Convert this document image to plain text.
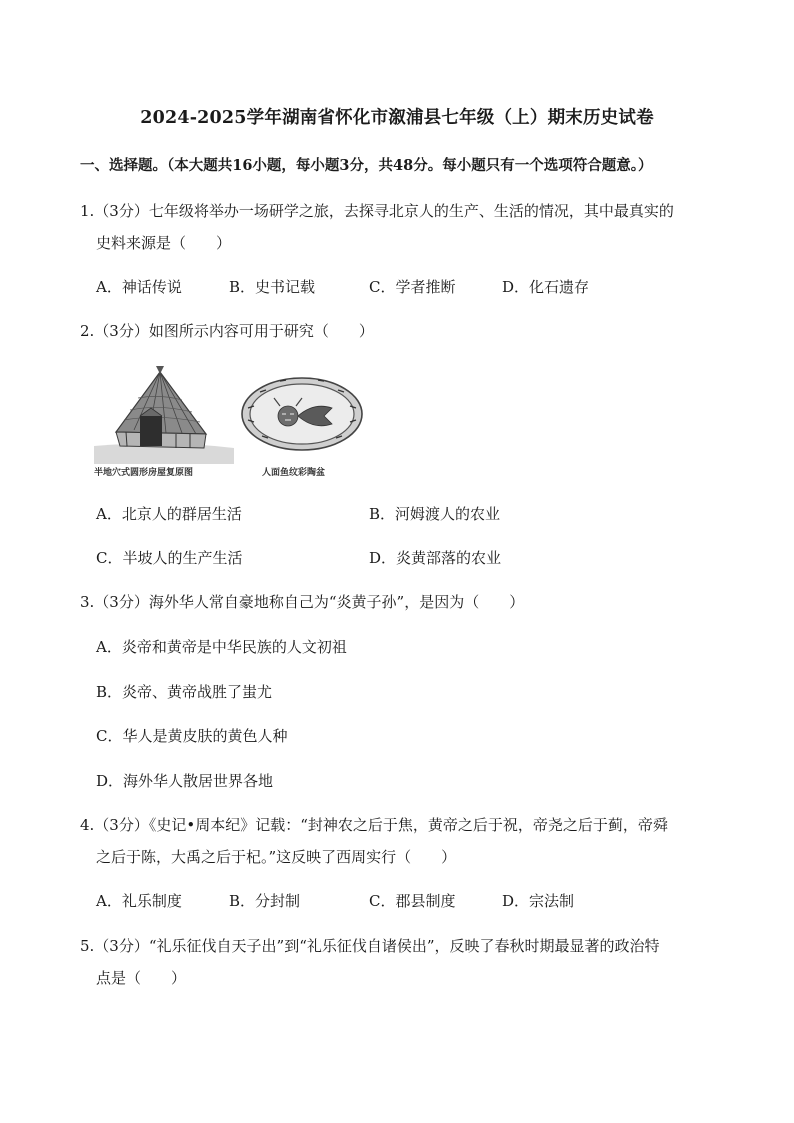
2024-2025学年湖南省怀化市溆浦县七年级（上）期末历史试卷
一、选择题。（本大题共16小题，每小题3分，共48分。每小题只有一个选项符合题意。）
1.（3分）七年级将举办一场研学之旅，去探寻北京人的生产、生活的情况，其中最真实的
史料来源是（　　）
A．神话传说	B．史书记载	C．学者推断	D．化石遗存
2.（3分）如图所示内容可用于研究（　　）
半地穴式圆形房屋复原图	人面鱼纹彩陶盆
A．北京人的群居生活	B．河姆渡人的农业
C．半坡人的生产生活	D．炎黄部落的农业
3.（3分）海外华人常自豪地称自己为“炎黄子孙”，是因为（　　）
A．炎帝和黄帝是中华民族的人文初祖
B．炎帝、黄帝战胜了蚩尤
C．华人是黄皮肤的黄色人种
D．海外华人散居世界各地
4.（3分）《史记•周本纪》记载：“封神农之后于焦，黄帝之后于祝，帝尧之后于蓟，帝舜
之后于陈，大禹之后于杞。”这反映了西周实行（　　）
A．礼乐制度	B．分封制	C．郡县制度	D．宗法制
5.（3分）“礼乐征伐自天子出”到“礼乐征伐自诸侯出”，反映了春秋时期最显著的政治特
点是（　　）
